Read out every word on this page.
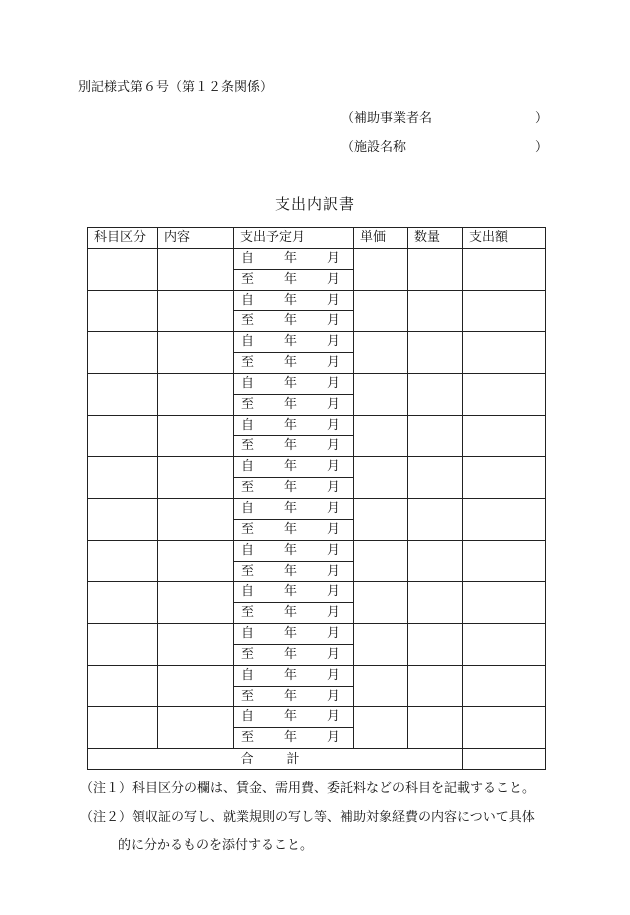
別記様式第６号（第１２条関係）
（補助事業者名	）
（施設名称	）
支出内訳書
科目区分	内容	支出予定月	単価	数量	支出額

		自 年 月			

		至 年 月			

		自 年 月			

		至 年 月			

		自 年 月			

		至 年 月			

		自 年 月			

		至 年 月			

		自 年 月			

		至 年 月			

		自 年 月			

		至 年 月			

		自 年 月			

		至 年 月			

		自 年 月			

		至 年 月			

		自 年 月			

		至 年 月			

		自 年 月			

		至 年 月			

		自 年 月			

		至 年 月			

		自 年 月			

		至 年 月			

合　計					
（注１）科目区分の欄は、賃金、需用費、委託料などの科目を記載すること。
（注２）領収証の写し、就業規則の写し等、補助対象経費の内容について具体
的に分かるものを添付すること。
